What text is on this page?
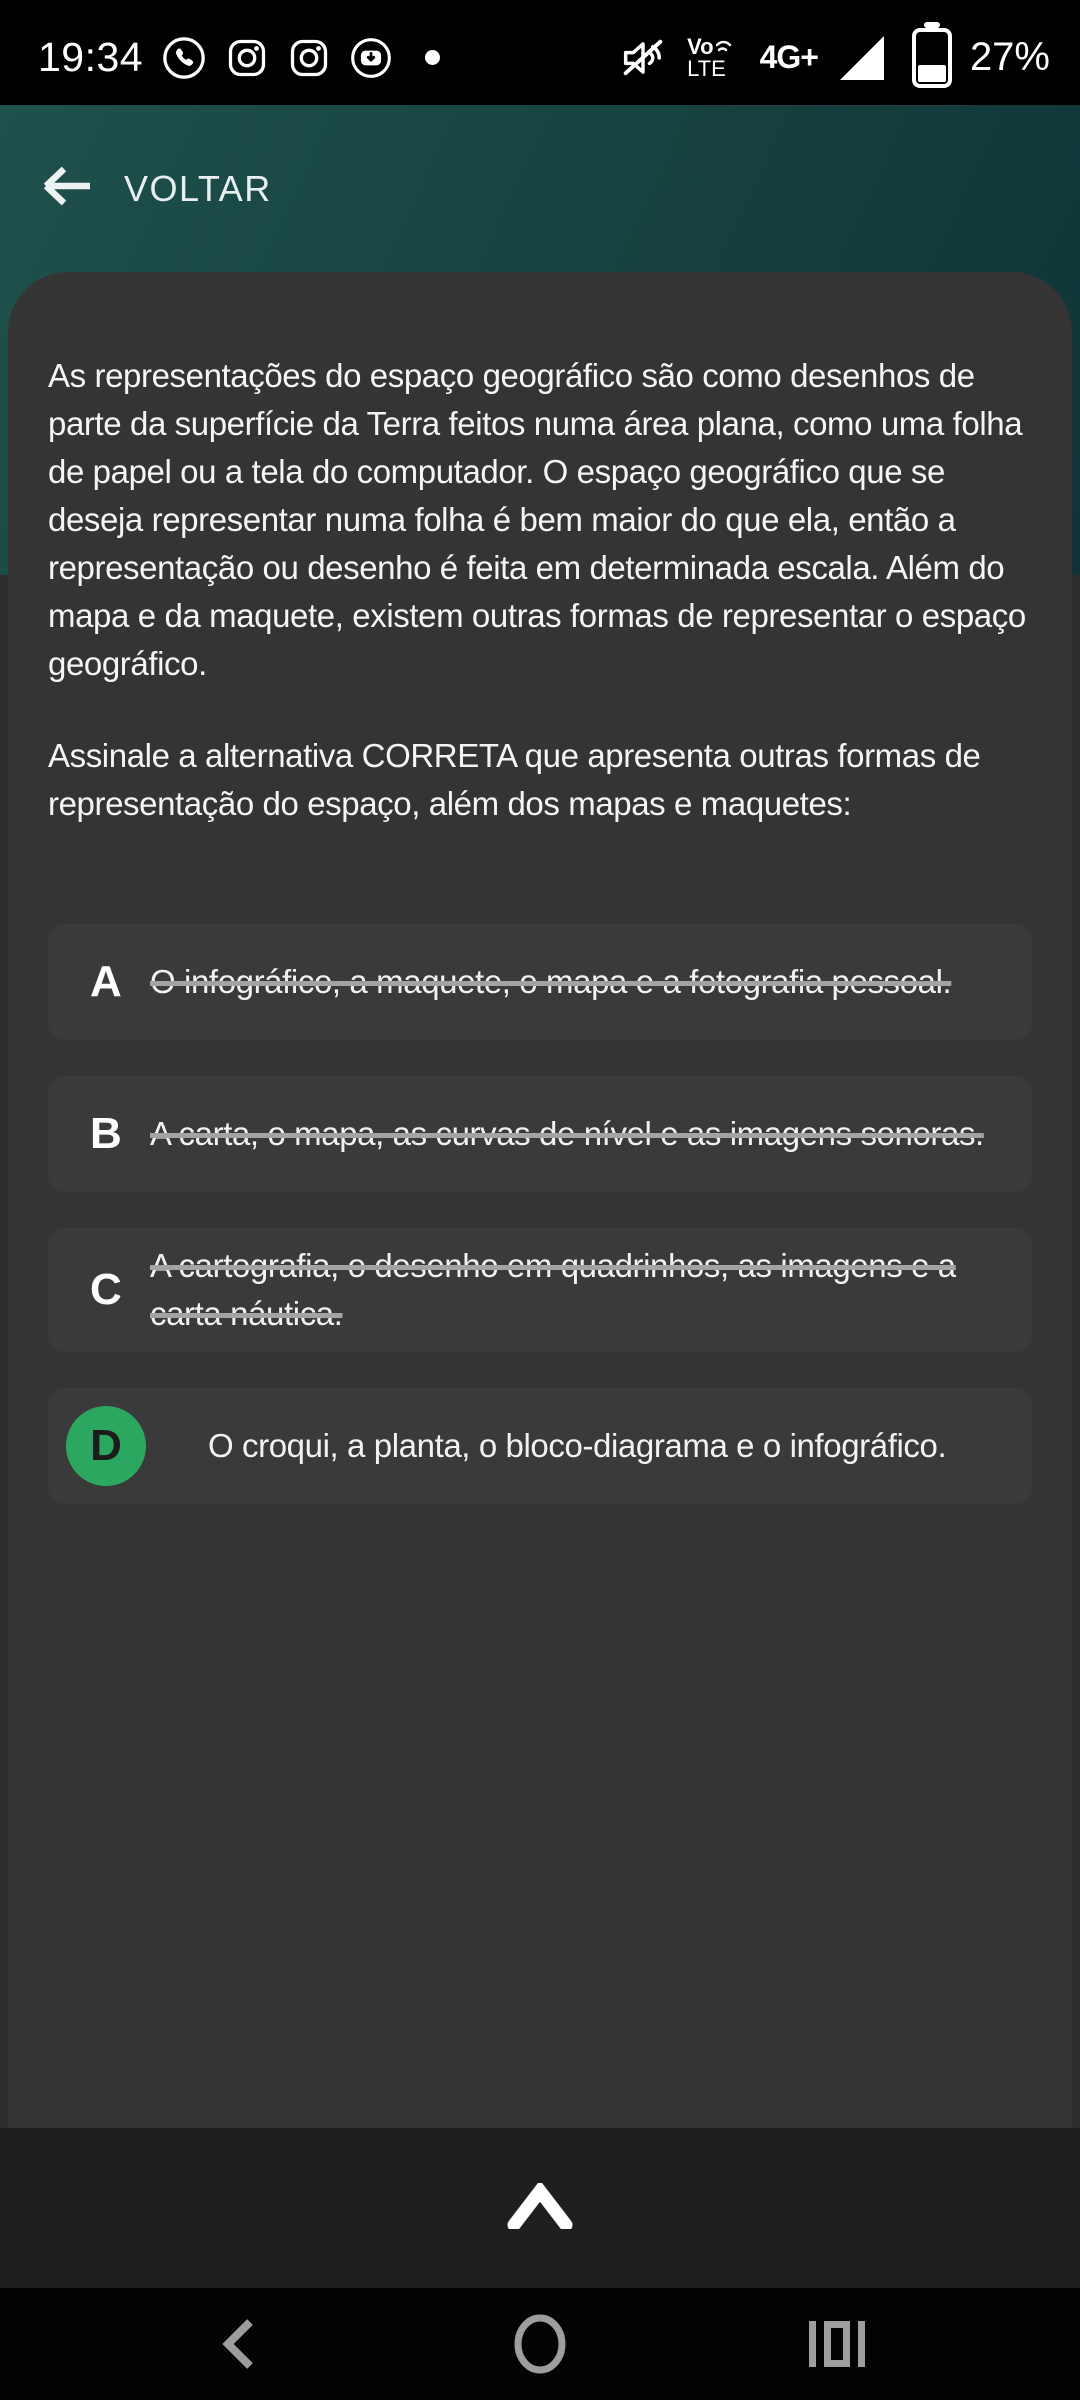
19:34	Vo
LTE 4G+	27%
VOLTAR

As representações do espaço geográfico são como desenhos de parte da superfície da Terra feitos numa área plana, como uma folha de papel ou a tela do computador. O espaço geográfico que se deseja representar numa folha é bem maior do que ela, então a representação ou desenho é feita em determinada escala. Além do mapa e da maquete, existem outras formas de representar o espaço geográfico.

Assinale a alternativa CORRETA que apresenta outras formas de representação do espaço, além dos mapas e maquetes:

A O infográfico, a maquete, o mapa e a fotografia pessoal.
B A carta, o mapa, as curvas de nível e as imagens sonoras.
C A cartografia, o desenho em quadrinhos, as imagens e a carta náutica.
D	O croqui, a planta, o bloco-diagrama e o infográfico.
